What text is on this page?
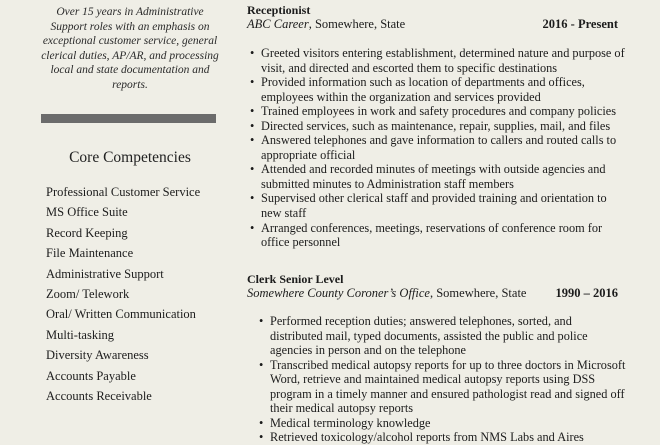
Over 15 years in Administrative Support roles with an emphasis on exceptional customer service, general clerical duties, AP/AR, and processing local and state documentation and reports.
Core Competencies
Professional Customer Service
MS Office Suite
Record Keeping
File Maintenance
Administrative Support
Zoom/ Telework
Oral/ Written Communication
Multi-tasking
Diversity Awareness
Accounts Payable
Accounts Receivable
Receptionist
ABC Career, Somewhere, State	2016 - Present
• Greeted visitors entering establishment, determined nature and purpose of visit, and directed and escorted them to specific destinations
• Provided information such as location of departments and offices, employees within the organization and services provided
• Trained employees in work and safety procedures and company policies
• Directed services, such as maintenance, repair, supplies, mail, and files
• Answered telephones and gave information to callers and routed calls to appropriate official
• Attended and recorded minutes of meetings with outside agencies and submitted minutes to Administration staff members
• Supervised other clerical staff and provided training and orientation to new staff
• Arranged conferences, meetings, reservations of conference room for office personnel
Clerk Senior Level
Somewhere County Coroner’s Office, Somewhere, State 1990 – 2016
• Performed reception duties; answered telephones, sorted, and distributed mail, typed documents, assisted the public and police agencies in person and on the telephone
• Transcribed medical autopsy reports for up to three doctors in Microsoft Word, retrieve and maintained medical autopsy reports using DSS program in a timely manner and ensured pathologist read and signed off their medical autopsy reports
• Medical terminology knowledge
• Retrieved toxicology/alcohol reports from NMS Labs and Aires
